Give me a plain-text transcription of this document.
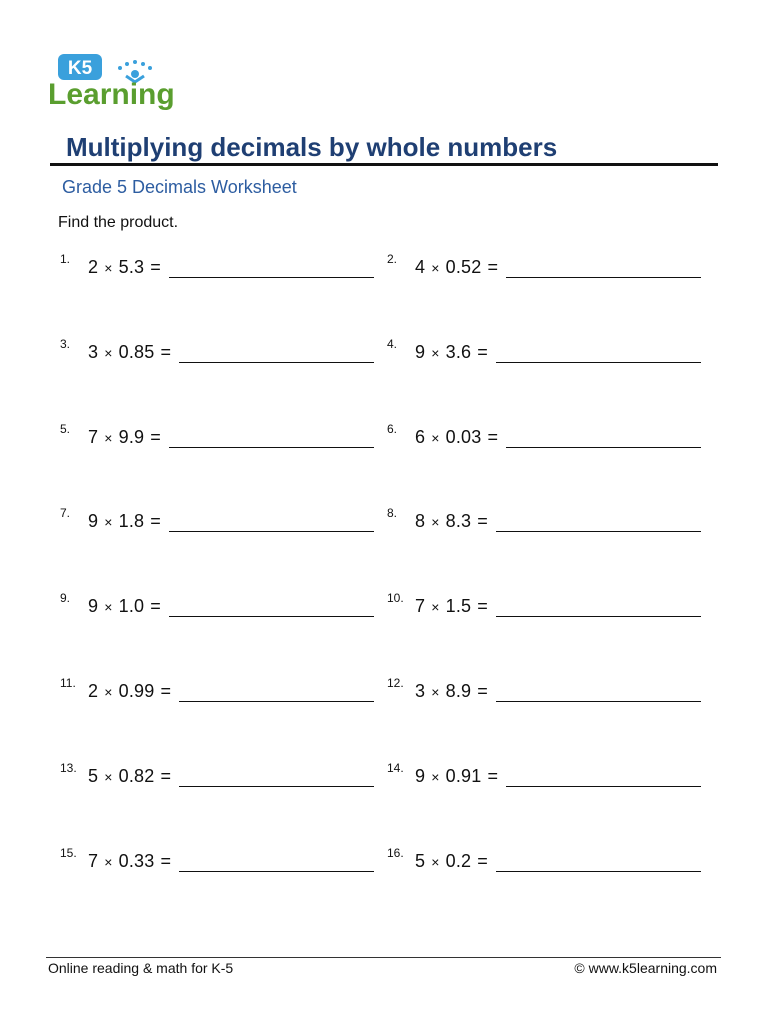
K5
Learning
Multiplying decimals by whole numbers
Grade 5 Decimals Worksheet
Find the product.
1. 2 × 5.3 =	2. 4 × 0.52 =
3. 3 × 0.85 =	4. 9 × 3.6 =
5. 7 × 9.9 =	6. 6 × 0.03 =
7. 9 × 1.8 =	8. 8 × 8.3 =
9. 9 × 1.0 =	10. 7 × 1.5 =
11. 2 × 0.99 =	12. 3 × 8.9 =
13. 5 × 0.82 =	14. 9 × 0.91 =
15. 7 × 0.33 =	16. 5 × 0.2 =
Online reading & math for K-5	© www.k5learning.com
